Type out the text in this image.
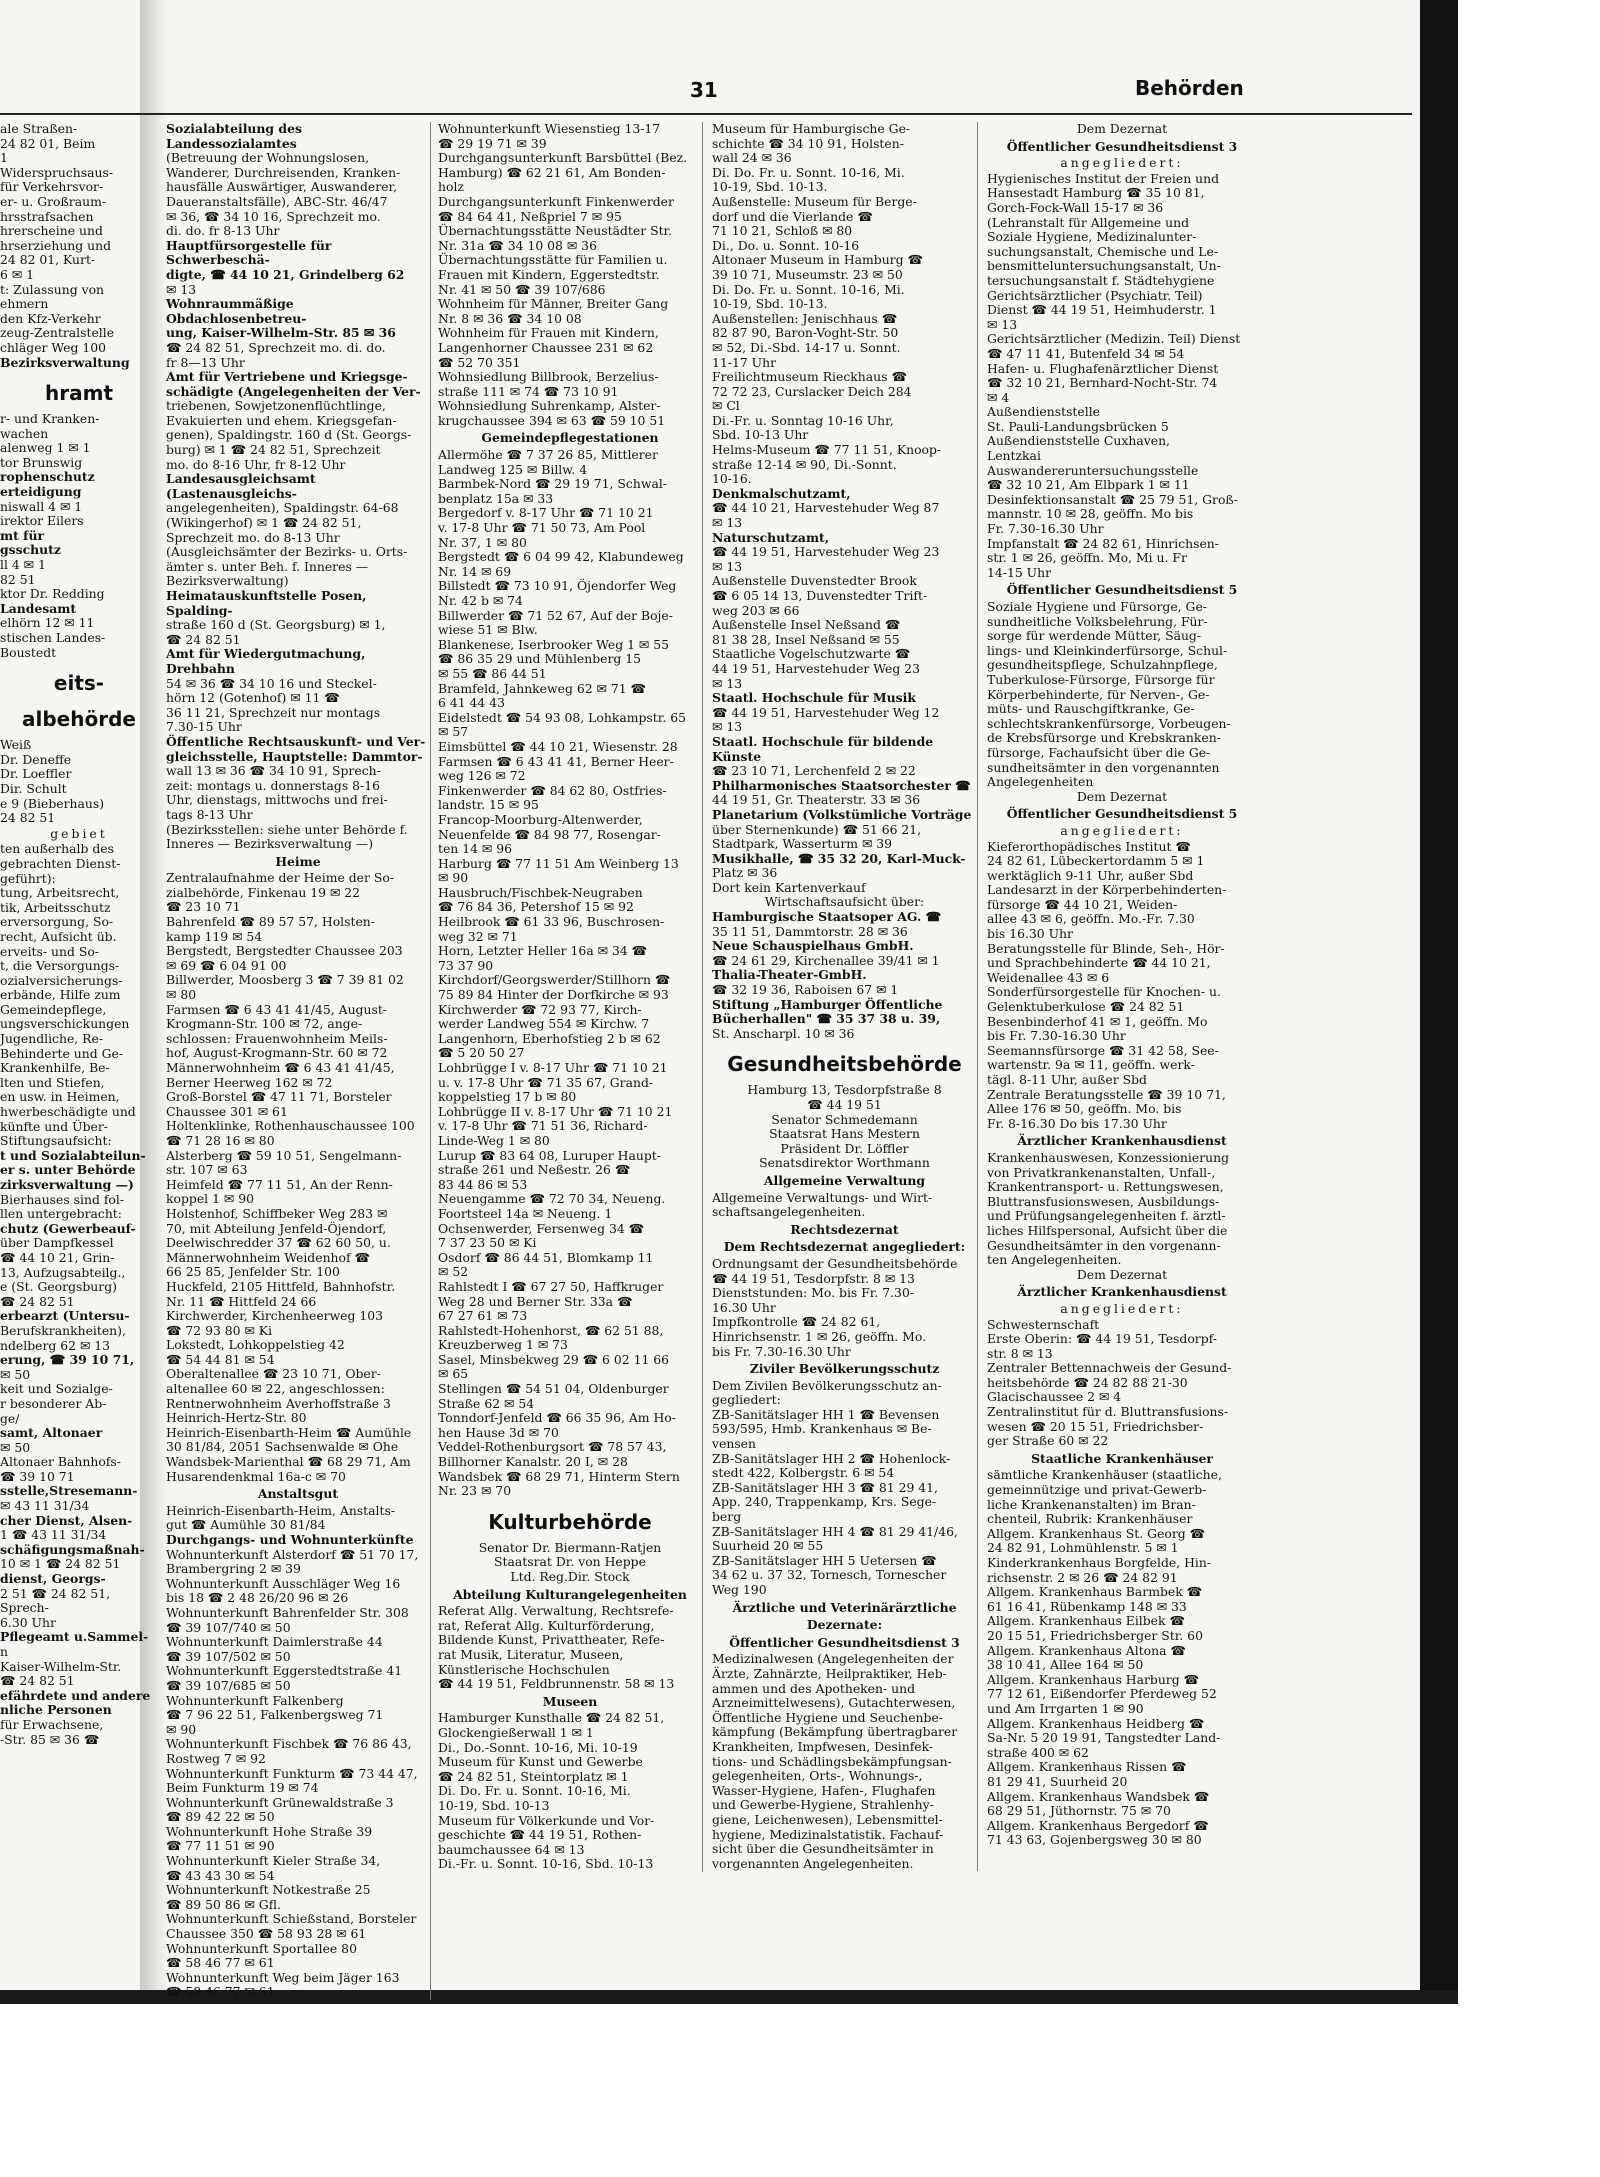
31	Behörden
ale Straßen-
24 82 01, Beim
1
Widerspruchsaus-
für Verkehrsvor-
er- u. Großraum-
hrsstrafsachen
hrerscheine und
hrserziehung und
24 82 01, Kurt-
6 ✉ 1
t: Zulassung von
ehmern
den Kfz-Verkehr
zeug-Zentralstelle
chläger Weg 100
Bezirksverwaltung
hramt
r- und Kranken-
wachen
alenweg 1 ✉ 1
tor Brunswig
rophenschutz
erteidigung
niswall 4 ✉ 1
irektor Eilers
mt für
gsschutz
ll 4 ✉ 1
82 51
ktor Dr. Redding
Landesamt
elhörn 12 ✉ 11
stischen Landes-
Boustedt
eits-
albehörde
Weiß
Dr. Deneffe
Dr. Loeffler
Dir. Schult
e 9 (Bieberhaus)
24 82 51
gebiet
ten außerhalb des
gebrachten Dienst-
geführt):
tung, Arbeitsrecht,
tik, Arbeitsschutz
erversorgung, So-
recht, Aufsicht üb.
erveits- und So-
t, die Versorgungs-
ozialversicherungs-
erbände, Hilfe zum
Gemeindepflege,
ungsverschickungen
Jugendliche, Re-
Behinderte und Ge-
Krankenhilfe, Be-
lten und Stiefen,
en usw. in Heimen,
hwerbeschädigte und
künfte und Über-
Stiftungsaufsicht:
t und Sozialabteilun-
er s. unter Behörde
zirksverwaltung —)
Bierhauses sind fol-
llen untergebracht:
chutz (Gewerbeauf-
über Dampfkessel
☎ 44 10 21, Grin-
13, Aufzugsabteilg.,
e (St. Georgsburg)
☎ 24 82 51
erbearzt (Untersu-
Berufskrankheiten),
ndelberg 62 ✉ 13
erung, ☎ 39 10 71,
✉ 50
keit und Sozialge-
r besonderer Ab-
ge/
samt, Altonaer
✉ 50
Altonaer Bahnhofs-
☎ 39 10 71
sstelle,Stresemann-
✉ 43 11 31/34
cher Dienst, Alsen-
1 ☎ 43 11 31/34
schäfigungsmaßnah-
10 ✉ 1 ☎ 24 82 51
dienst, Georgs-
2 51 ☎ 24 82 51, Sprech-
6.30 Uhr
Pflegeamt u.Sammel-
n
Kaiser-Wilhelm-Str.
☎ 24 82 51
efährdete und andere
nliche Personen
für Erwachsene,
-Str. 85 ✉ 36 ☎
Sozialabteilung des Landessozialamtes
(Betreuung der Wohnungslosen,
Wanderer, Durchreisenden, Kranken-
hausfälle Auswärtiger, Auswanderer,
Daueranstaltsfälle), ABC-Str. 46/47
✉ 36, ☎ 34 10 16, Sprechzeit mo.
di. do. fr 8-13 Uhr
Hauptfürsorgestelle für Schwerbeschä-
digte, ☎ 44 10 21, Grindelberg 62
✉ 13
Wohnraummäßige Obdachlosenbetreu-
ung, Kaiser-Wilhelm-Str. 85 ✉ 36
☎ 24 82 51, Sprechzeit mo. di. do.
fr 8—13 Uhr
Amt für Vertriebene und Kriegsge-
schädigte (Angelegenheiten der Ver-
triebenen, Sowjetzonenflüchtlinge,
Evakuierten und ehem. Kriegsgefan-
genen), Spaldingstr. 160 d (St. Georgs-
burg) ✉ 1 ☎ 24 82 51, Sprechzeit
mo. do 8-16 Uhr, fr 8-12 Uhr
Landesausgleichsamt (Lastenausgleichs-
angelegenheiten), Spaldingstr. 64-68
(Wikingerhof) ✉ 1 ☎ 24 82 51,
Sprechzeit mo. do 8-13 Uhr
(Ausgleichsämter der Bezirks- u. Orts-
ämter s. unter Beh. f. Inneres —
Bezirksverwaltung)
Heimatauskunftstelle Posen, Spalding-
straße 160 d (St. Georgsburg) ✉ 1,
☎ 24 82 51
Amt für Wiedergutmachung, Drehbahn
54 ✉ 36 ☎ 34 10 16 und Steckel-
hörn 12 (Gotenhof) ✉ 11 ☎
36 11 21, Sprechzeit nur montags
7.30-15 Uhr
Öffentliche Rechtsauskunft- und Ver-
gleichsstelle, Hauptstelle: Dammtor-
wall 13 ✉ 36 ☎ 34 10 91, Sprech-
zeit: montags u. donnerstags 8-16
Uhr, dienstags, mittwochs und frei-
tags 8-13 Uhr
(Bezirksstellen: siehe unter Behörde f.
Inneres — Bezirksverwaltung —)
Heime
Zentralaufnahme der Heime der So-
zialbehörde, Finkenau 19 ✉ 22
☎ 23 10 71
Bahrenfeld ☎ 89 57 57, Holsten-
kamp 119 ✉ 54
Bergstedt, Bergstedter Chaussee 203
✉ 69 ☎ 6 04 91 00
Billwerder, Moosberg 3 ☎ 7 39 81 02
✉ 80
Farmsen ☎ 6 43 41 41/45, August-
Krogmann-Str. 100 ✉ 72, ange-
schlossen: Frauenwohnheim Meils-
hof, August-Krogmann-Str. 60 ✉ 72
Männerwohnheim ☎ 6 43 41 41/45,
Berner Heerweg 162 ✉ 72
Groß-Borstel ☎ 47 11 71, Borsteler
Chaussee 301 ✉ 61
Holtenklinke, Rothenhauschaussee 100
☎ 71 28 16 ✉ 80
Alsterberg ☎ 59 10 51, Sengelmann-
str. 107 ✉ 63
Heimfeld ☎ 77 11 51, An der Renn-
koppel 1 ✉ 90
Holstenhof, Schiffbeker Weg 283 ✉
70, mit Abteilung Jenfeld-Öjendorf,
Deelwischredder 37 ☎ 62 60 50, u.
Männerwohnheim Weidenhof ☎
66 25 85, Jenfelder Str. 100
Huckfeld, 2105 Hittfeld, Bahnhofstr.
Nr. 11 ☎ Hittfeld 24 66
Kirchwerder, Kirchenheerweg 103
☎ 72 93 80 ✉ Ki
Lokstedt, Lohkoppelstieg 42
☎ 54 44 81 ✉ 54
Oberaltenallee ☎ 23 10 71, Ober-
altenallee 60 ✉ 22, angeschlossen:
Rentnerwohnheim Averhoffstraße 3
Heinrich-Hertz-Str. 80
Heinrich-Eisenbarth-Heim ☎ Aumühle
30 81/84, 2051 Sachsenwalde ✉ Ohe
Wandsbek-Marienthal ☎ 68 29 71, Am
Husarendenkmal 16a-c ✉ 70
Anstaltsgut
Heinrich-Eisenbarth-Heim, Anstalts-
gut ☎ Aumühle 30 81/84
Durchgangs- und Wohnunterkünfte
Wohnunterkunft Alsterdorf ☎ 51 70 17,
Brambergring 2 ✉ 39
Wohnunterkunft Ausschläger Weg 16
bis 18 ☎ 2 48 26/20 96 ✉ 26
Wohnunterkunft Bahrenfelder Str. 308
☎ 39 107/740 ✉ 50
Wohnunterkunft Daimlerstraße 44
☎ 39 107/502 ✉ 50
Wohnunterkunft Eggerstedtstraße 41
☎ 39 107/685 ✉ 50
Wohnunterkunft Falkenberg
☎ 7 96 22 51, Falkenbergsweg 71
✉ 90
Wohnunterkunft Fischbek ☎ 76 86 43,
Rostweg 7 ✉ 92
Wohnunterkunft Funkturm ☎ 73 44 47,
Beim Funkturm 19 ✉ 74
Wohnunterkunft Grünewaldstraße 3
☎ 89 42 22 ✉ 50
Wohnunterkunft Hohe Straße 39
☎ 77 11 51 ✉ 90
Wohnunterkunft Kieler Straße 34,
☎ 43 43 30 ✉ 54
Wohnunterkunft Notkestraße 25
☎ 89 50 86 ✉ Gfl.
Wohnunterkunft Schießstand, Borsteler
Chaussee 350 ☎ 58 93 28 ✉ 61
Wohnunterkunft Sportallee 80
☎ 58 46 77 ✉ 61
Wohnunterkunft Weg beim Jäger 163
☎ 58 46 77 ✉ 61
Wohnunterkunft Wiesenstieg 13-17
☎ 29 19 71 ✉ 39
Durchgangsunterkunft Barsbüttel (Bez.
Hamburg) ☎ 62 21 61, Am Bonden-
holz
Durchgangsunterkunft Finkenwerder
☎ 84 64 41, Neßpriel 7 ✉ 95
Übernachtungsstätte Neustädter Str.
Nr. 31a ☎ 34 10 08 ✉ 36
Übernachtungsstätte für Familien u.
Frauen mit Kindern, Eggerstedtstr.
Nr. 41 ✉ 50 ☎ 39 107/686
Wohnheim für Männer, Breiter Gang
Nr. 8 ✉ 36 ☎ 34 10 08
Wohnheim für Frauen mit Kindern,
Langenhorner Chaussee 231 ✉ 62
☎ 52 70 351
Wohnsiedlung Billbrook, Berzelius-
straße 111 ✉ 74 ☎ 73 10 91
Wohnsiedlung Suhrenkamp, Alster-
krugchaussee 394 ✉ 63 ☎ 59 10 51
Gemeindepflegestationen
Allermöhe ☎ 7 37 26 85, Mittlerer
Landweg 125 ✉ Billw. 4
Barmbek-Nord ☎ 29 19 71, Schwal-
benplatz 15a ✉ 33
Bergedorf v. 8-17 Uhr ☎ 71 10 21
v. 17-8 Uhr ☎ 71 50 73, Am Pool
Nr. 37, 1 ✉ 80
Bergstedt ☎ 6 04 99 42, Klabundeweg
Nr. 14 ✉ 69
Billstedt ☎ 73 10 91, Öjendorfer Weg
Nr. 42 b ✉ 74
Billwerder ☎ 71 52 67, Auf der Boje-
wiese 51 ✉ Blw.
Blankenese, Iserbrooker Weg 1 ✉ 55
☎ 86 35 29 und Mühlenberg 15
✉ 55 ☎ 86 44 51
Bramfeld, Jahnkeweg 62 ✉ 71 ☎
6 41 44 43
Eidelstedt ☎ 54 93 08, Lohkampstr. 65
✉ 57
Eimsbüttel ☎ 44 10 21, Wiesenstr. 28
Farmsen ☎ 6 43 41 41, Berner Heer-
weg 126 ✉ 72
Finkenwerder ☎ 84 62 80, Ostfries-
landstr. 15 ✉ 95
Francop-Moorburg-Altenwerder,
Neuenfelde ☎ 84 98 77, Rosengar-
ten 14 ✉ 96
Harburg ☎ 77 11 51 Am Weinberg 13
✉ 90
Hausbruch/Fischbek-Neugraben
☎ 76 84 36, Petershof 15 ✉ 92
Heilbrook ☎ 61 33 96, Buschrosen-
weg 32 ✉ 71
Horn, Letzter Heller 16a ✉ 34 ☎
73 37 90
Kirchdorf/Georgswerder/Stillhorn ☎
75 89 84 Hinter der Dorfkirche ✉ 93
Kirchwerder ☎ 72 93 77, Kirch-
werder Landweg 554 ✉ Kirchw. 7
Langenhorn, Eberhofstieg 2 b ✉ 62
☎ 5 20 50 27
Lohbrügge I v. 8-17 Uhr ☎ 71 10 21
u. v. 17-8 Uhr ☎ 71 35 67, Grand-
koppelstieg 17 b ✉ 80
Lohbrügge II v. 8-17 Uhr ☎ 71 10 21
v. 17-8 Uhr ☎ 71 51 36, Richard-
Linde-Weg 1 ✉ 80
Lurup ☎ 83 64 08, Luruper Haupt-
straße 261 und Neßestr. 26 ☎
83 44 86 ✉ 53
Neuengamme ☎ 72 70 34, Neueng.
Foortsteel 14a ✉ Neueng. 1
Ochsenwerder, Fersenweg 34 ☎
7 37 23 50 ✉ Ki
Osdorf ☎ 86 44 51, Blomkamp 11
✉ 52
Rahlstedt I ☎ 67 27 50, Haffkruger
Weg 28 und Berner Str. 33a ☎
67 27 61 ✉ 73
Rahlstedt-Hohenhorst, ☎ 62 51 88,
Kreuzberweg 1 ✉ 73
Sasel, Minsbekweg 29 ☎ 6 02 11 66
✉ 65
Stellingen ☎ 54 51 04, Oldenburger
Straße 62 ✉ 54
Tonndorf-Jenfeld ☎ 66 35 96, Am Ho-
hen Hause 3d ✉ 70
Veddel-Rothenburgsort ☎ 78 57 43,
Billhorner Kanalstr. 20 I, ✉ 28
Wandsbek ☎ 68 29 71, Hinterm Stern
Nr. 23 ✉ 70
Kulturbehörde
Senator Dr. Biermann-Ratjen
Staatsrat Dr. von Heppe
Ltd. Reg.Dir. Stock
Abteilung Kulturangelegenheiten
Referat Allg. Verwaltung, Rechtsrefe-
rat, Referat Allg. Kulturförderung,
Bildende Kunst, Privattheater, Refe-
rat Musik, Literatur, Museen,
Künstlerische Hochschulen
☎ 44 19 51, Feldbrunnenstr. 58 ✉ 13
Museen
Hamburger Kunsthalle ☎ 24 82 51,
Glockengießerwall 1 ✉ 1
Di., Do.-Sonnt. 10-16, Mi. 10-19
Museum für Kunst und Gewerbe
☎ 24 82 51, Steintorplatz ✉ 1
Di. Do. Fr. u. Sonnt. 10-16, Mi.
10-19, Sbd. 10-13
Museum für Völkerkunde und Vor-
geschichte ☎ 44 19 51, Rothen-
baumchaussee 64 ✉ 13
Di.-Fr. u. Sonnt. 10-16, Sbd. 10-13
Museum für Hamburgische Ge-
schichte ☎ 34 10 91, Holsten-
wall 24 ✉ 36
Di. Do. Fr. u. Sonnt. 10-16, Mi.
10-19, Sbd. 10-13.
Außenstelle: Museum für Berge-
dorf und die Vierlande ☎
71 10 21, Schloß ✉ 80
Di., Do. u. Sonnt. 10-16
Altonaer Museum in Hamburg ☎
39 10 71, Museumstr. 23 ✉ 50
Di. Do. Fr. u. Sonnt. 10-16, Mi.
10-19, Sbd. 10-13.
Außenstellen: Jenischhaus ☎
82 87 90, Baron-Voght-Str. 50
✉ 52, Di.-Sbd. 14-17 u. Sonnt.
11-17 Uhr
Freilichtmuseum Rieckhaus ☎
72 72 23, Curslacker Deich 284
✉ Cl
Di.-Fr. u. Sonntag 10-16 Uhr,
Sbd. 10-13 Uhr
Helms-Museum ☎ 77 11 51, Knoop-
straße 12-14 ✉ 90, Di.-Sonnt.
10-16.
Denkmalschutzamt,
☎ 44 10 21, Harvestehuder Weg 87
✉ 13
Naturschutzamt,
☎ 44 19 51, Harvestehuder Weg 23
✉ 13
Außenstelle Duvenstedter Brook
☎ 6 05 14 13, Duvenstedter Trift-
weg 203 ✉ 66
Außenstelle Insel Neßsand ☎
81 38 28, Insel Neßsand ✉ 55
Staatliche Vogelschutzwarte ☎
44 19 51, Harvestehuder Weg 23
✉ 13
Staatl. Hochschule für Musik
☎ 44 19 51, Harvestehuder Weg 12
✉ 13
Staatl. Hochschule für bildende Künste
☎ 23 10 71, Lerchenfeld 2 ✉ 22
Philharmonisches Staatsorchester ☎
44 19 51, Gr. Theaterstr. 33 ✉ 36
Planetarium (Volkstümliche Vorträge
über Sternenkunde) ☎ 51 66 21,
Stadtpark, Wasserturm ✉ 39
Musikhalle, ☎ 35 32 20, Karl-Muck-
Platz ✉ 36
Dort kein Kartenverkauf
Wirtschaftsaufsicht über:
Hamburgische Staatsoper AG. ☎
35 11 51, Dammtorstr. 28 ✉ 36
Neue Schauspielhaus GmbH.
☎ 24 61 29, Kirchenallee 39/41 ✉ 1
Thalia-Theater-GmbH.
☎ 32 19 36, Raboisen 67 ✉ 1
Stiftung „Hamburger Öffentliche
Bücherhallen" ☎ 35 37 38 u. 39,
St. Anscharpl. 10 ✉ 36
Gesundheitsbehörde
Hamburg 13, Tesdorpfstraße 8
☎ 44 19 51
Senator Schmedemann
Staatsrat Hans Mestern
Präsident Dr. Löffler
Senatsdirektor Worthmann
Allgemeine Verwaltung
Allgemeine Verwaltungs- und Wirt-
schaftsangelegenheiten.
Rechtsdezernat
Dem Rechtsdezernat angegliedert:
Ordnungsamt der Gesundheitsbehörde
☎ 44 19 51, Tesdorpfstr. 8 ✉ 13
Dienststunden: Mo. bis Fr. 7.30-
16.30 Uhr
Impfkontrolle ☎ 24 82 61,
Hinrichsenstr. 1 ✉ 26, geöffn. Mo.
bis Fr. 7.30-16.30 Uhr
Ziviler Bevölkerungsschutz
Dem Zivilen Bevölkerungsschutz an-
gegliedert:
ZB-Sanitätslager HH 1 ☎ Bevensen
593/595, Hmb. Krankenhaus ✉ Be-
vensen
ZB-Sanitätslager HH 2 ☎ Hohenlock-
stedt 422, Kolbergstr. 6 ✉ 54
ZB-Sanitätslager HH 3 ☎ 81 29 41,
App. 240, Trappenkamp, Krs. Sege-
berg
ZB-Sanitätslager HH 4 ☎ 81 29 41/46,
Suurheid 20 ✉ 55
ZB-Sanitätslager HH 5 Uetersen ☎
34 62 u. 37 32, Tornesch, Tornescher
Weg 190
Ärztliche und Veterinärärztliche
Dezernate:
Öffentlicher Gesundheitsdienst 3
Medizinalwesen (Angelegenheiten der
Ärzte, Zahnärzte, Heilpraktiker, Heb-
ammen und des Apotheken- und
Arzneimittelwesens), Gutachterwesen,
Öffentliche Hygiene und Seuchenbe-
kämpfung (Bekämpfung übertragbarer
Krankheiten, Impfwesen, Desinfek-
tions- und Schädlingsbekämpfungsan-
gelegenheiten, Orts-, Wohnungs-,
Wasser-Hygiene, Hafen-, Flughafen
und Gewerbe-Hygiene, Strahlenhy-
giene, Leichenwesen), Lebensmittel-
hygiene, Medizinalstatistik. Fachauf-
sicht über die Gesundheitsämter in
vorgenannten Angelegenheiten.
Dem Dezernat
Öffentlicher Gesundheitsdienst 3
angegliedert:
Hygienisches Institut der Freien und
Hansestadt Hamburg ☎ 35 10 81,
Gorch-Fock-Wall 15-17 ✉ 36
(Lehranstalt für Allgemeine und
Soziale Hygiene, Medizinalunter-
suchungsanstalt, Chemische und Le-
bensmitteluntersuchungsanstalt, Un-
tersuchungsanstalt f. Städtehygiene
Gerichtsärztlicher (Psychiatr. Teil)
Dienst ☎ 44 19 51, Heimhuderstr. 1
✉ 13
Gerichtsärztlicher (Medizin. Teil) Dienst
☎ 47 11 41, Butenfeld 34 ✉ 54
Hafen- u. Flughafenärztlicher Dienst
☎ 32 10 21, Bernhard-Nocht-Str. 74
✉ 4
Außendienststelle
St. Pauli-Landungsbrücken 5
Außendienststelle Cuxhaven,
Lentzkai
Auswandereruntersuchungsstelle
☎ 32 10 21, Am Elbpark 1 ✉ 11
Desinfektionsanstalt ☎ 25 79 51, Groß-
mannstr. 10 ✉ 28, geöffn. Mo bis
Fr. 7.30-16.30 Uhr
Impfanstalt ☎ 24 82 61, Hinrichsen-
str. 1 ✉ 26, geöffn. Mo, Mi u. Fr
14-15 Uhr
Öffentlicher Gesundheitsdienst 5
Soziale Hygiene und Fürsorge, Ge-
sundheitliche Volksbelehrung, Für-
sorge für werdende Mütter, Säug-
lings- und Kleinkinderfürsorge, Schul-
gesundheitspflege, Schulzahnpflege,
Tuberkulose-Fürsorge, Fürsorge für
Körperbehinderte, für Nerven-, Ge-
müts- und Rauschgiftkranke, Ge-
schlechtskrankenfürsorge, Vorbeugen-
de Krebsfürsorge und Krebskranken-
fürsorge, Fachaufsicht über die Ge-
sundheitsämter in den vorgenannten
Angelegenheiten
Dem Dezernat
Öffentlicher Gesundheitsdienst 5
angegliedert:
Kieferorthopädisches Institut ☎
24 82 61, Lübeckertordamm 5 ✉ 1
werktäglich 9-11 Uhr, außer Sbd
Landesarzt in der Körperbehinderten-
fürsorge ☎ 44 10 21, Weiden-
allee 43 ✉ 6, geöffn. Mo.-Fr. 7.30
bis 16.30 Uhr
Beratungsstelle für Blinde, Seh-, Hör-
und Sprachbehinderte ☎ 44 10 21,
Weidenallee 43 ✉ 6
Sonderfürsorgestelle für Knochen- u.
Gelenktuberkulose ☎ 24 82 51
Besenbinderhof 41 ✉ 1, geöffn. Mo
bis Fr. 7.30-16.30 Uhr
Seemannsfürsorge ☎ 31 42 58, See-
wartenstr. 9a ✉ 11, geöffn. werk-
tägl. 8-11 Uhr, außer Sbd
Zentrale Beratungsstelle ☎ 39 10 71,
Allee 176 ✉ 50, geöffn. Mo. bis
Fr. 8-16.30 Do bis 17.30 Uhr
Ärztlicher Krankenhausdienst
Krankenhauswesen, Konzessionierung
von Privatkrankenanstalten, Unfall-,
Krankentransport- u. Rettungswesen,
Bluttransfusionswesen, Ausbildungs-
und Prüfungsangelegenheiten f. ärztl-
liches Hilfspersonal, Aufsicht über die
Gesundheitsämter in den vorgenann-
ten Angelegenheiten.
Dem Dezernat
Ärztlicher Krankenhausdienst
angegliedert:
Schwesternschaft
Erste Oberin: ☎ 44 19 51, Tesdorpf-
str. 8 ✉ 13
Zentraler Bettennachweis der Gesund-
heitsbehörde ☎ 24 82 88 21-30
Glacischaussee 2 ✉ 4
Zentralinstitut für d. Bluttransfusions-
wesen ☎ 20 15 51, Friedrichsber-
ger Straße 60 ✉ 22
Staatliche Krankenhäuser
sämtliche Krankenhäuser (staatliche,
gemeinnützige und privat-Gewerb-
liche Krankenanstalten) im Bran-
chenteil, Rubrik: Krankenhäuser
Allgem. Krankenhaus St. Georg ☎
24 82 91, Lohmühlenstr. 5 ✉ 1
Kinderkrankenhaus Borgfelde, Hin-
richsenstr. 2 ✉ 26 ☎ 24 82 91
Allgem. Krankenhaus Barmbek ☎
61 16 41, Rübenkamp 148 ✉ 33
Allgem. Krankenhaus Eilbek ☎
20 15 51, Friedrichsberger Str. 60
Allgem. Krankenhaus Altona ☎
38 10 41, Allee 164 ✉ 50
Allgem. Krankenhaus Harburg ☎
77 12 61, Eißendorfer Pferdeweg 52
und Am Irrgarten 1 ✉ 90
Allgem. Krankenhaus Heidberg ☎
Sa-Nr. 5 20 19 91, Tangstedter Land-
straße 400 ✉ 62
Allgem. Krankenhaus Rissen ☎
81 29 41, Suurheid 20
Allgem. Krankenhaus Wandsbek ☎
68 29 51, Jüthornstr. 75 ✉ 70
Allgem. Krankenhaus Bergedorf ☎
71 43 63, Gojenbergsweg 30 ✉ 80
